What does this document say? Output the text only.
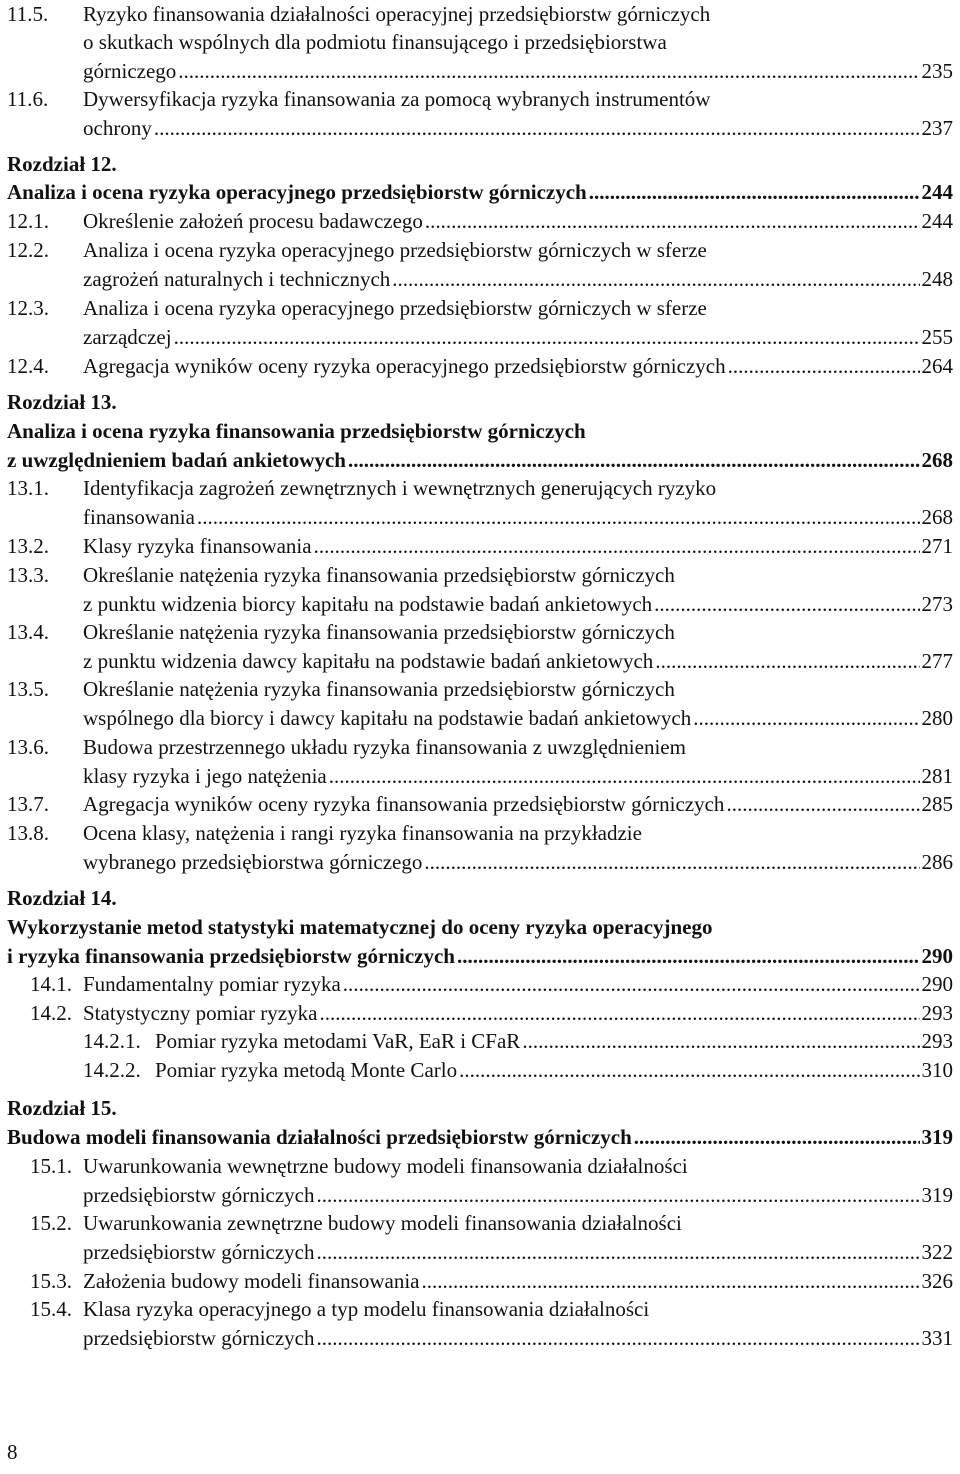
11.5. Ryzyko finansowania działalności operacyjnej przedsiębiorstw górniczych
o skutkach wspólnych dla podmiotu finansującego i przedsiębiorstwa
górniczego .....	235
11.6. Dywersyfikacja ryzyka finansowania za pomocą wybranych instrumentów
ochrony .....	237
Rozdział 12.
Analiza i ocena ryzyka operacyjnego przedsiębiorstw górniczych .....	244
12.1. Określenie założeń procesu badawczego .....	244
12.2. Analiza i ocena ryzyka operacyjnego przedsiębiorstw górniczych w sferze
zagrożeń naturalnych i technicznych .....	248
12.3. Analiza i ocena ryzyka operacyjnego przedsiębiorstw górniczych w sferze
zarządczej .....	255
12.4. Agregacja wyników oceny ryzyka operacyjnego przedsiębiorstw górniczych .....	264
Rozdział 13.
Analiza i ocena ryzyka finansowania przedsiębiorstw górniczych
z uwzględnieniem badań ankietowych .....	268
13.1. Identyfikacja zagrożeń zewnętrznych i wewnętrznych generujących ryzyko
finansowania .....	268
13.2. Klasy ryzyka finansowania .....	271
13.3. Określanie natężenia ryzyka finansowania przedsiębiorstw górniczych
z punktu widzenia biorcy kapitału na podstawie badań ankietowych .....	273
13.4. Określanie natężenia ryzyka finansowania przedsiębiorstw górniczych
z punktu widzenia dawcy kapitału na podstawie badań ankietowych .....	277
13.5. Określanie natężenia ryzyka finansowania przedsiębiorstw górniczych
wspólnego dla biorcy i dawcy kapitału na podstawie badań ankietowych .....	280
13.6. Budowa przestrzennego układu ryzyka finansowania z uwzględnieniem
klasy ryzyka i jego natężenia .....	281
13.7. Agregacja wyników oceny ryzyka finansowania przedsiębiorstw górniczych .....	285
13.8. Ocena klasy, natężenia i rangi ryzyka finansowania na przykładzie
wybranego przedsiębiorstwa górniczego .....	286
Rozdział 14.
Wykorzystanie metod statystyki matematycznej do oceny ryzyka operacyjnego
i ryzyka finansowania przedsiębiorstw górniczych .....	290
14.1. Fundamentalny pomiar ryzyka .....	290
14.2. Statystyczny pomiar ryzyka .....	293
14.2.1. Pomiar ryzyka metodami VaR, EaR i CFaR .....	293
14.2.2. Pomiar ryzyka metodą Monte Carlo .....	310
Rozdział 15.
Budowa modeli finansowania działalności przedsiębiorstw górniczych .....	319
15.1. Uwarunkowania wewnętrzne budowy modeli finansowania działalności
przedsiębiorstw górniczych .....	319
15.2. Uwarunkowania zewnętrzne budowy modeli finansowania działalności
przedsiębiorstw górniczych .....	322
15.3. Założenia budowy modeli finansowania .....	326
15.4. Klasa ryzyka operacyjnego a typ modelu finansowania działalności
przedsiębiorstw górniczych .....	331
8
